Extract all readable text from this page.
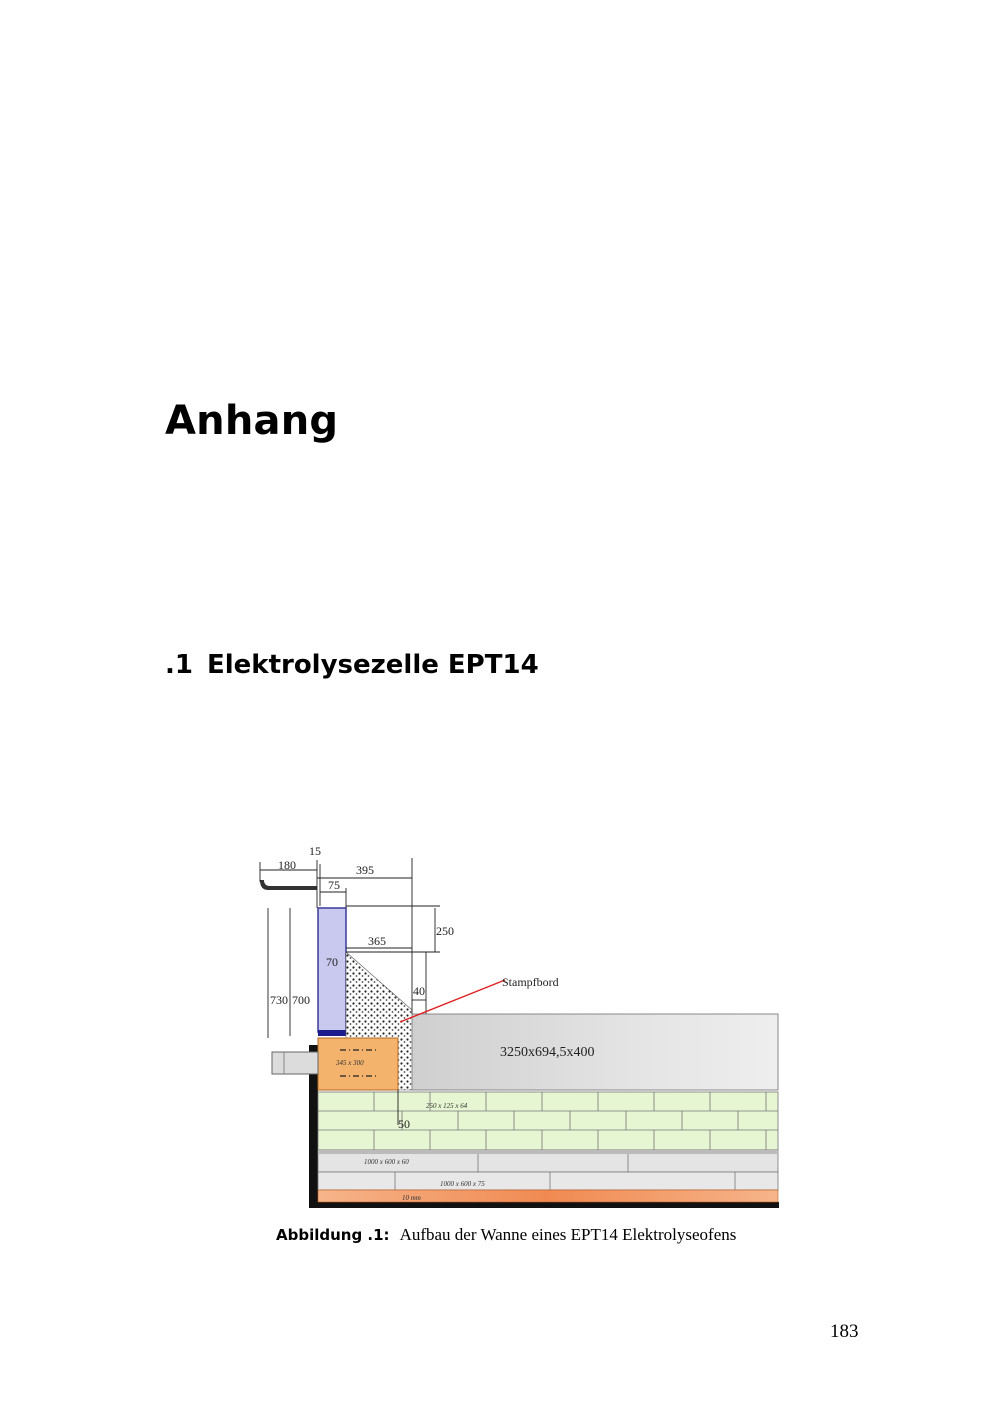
Anhang
.1 Elektrolysezelle EPT14
180
15
395
75
250
365
70
40
730 700
50
Stampfbord
3250x694,5x400
345 x 300
250 x 125 x 64
1000 x 600 x 60
1000 x 600 x 75
10 mm
Abbildung .1: Aufbau der Wanne eines EPT14 Elektrolyseofens
183
